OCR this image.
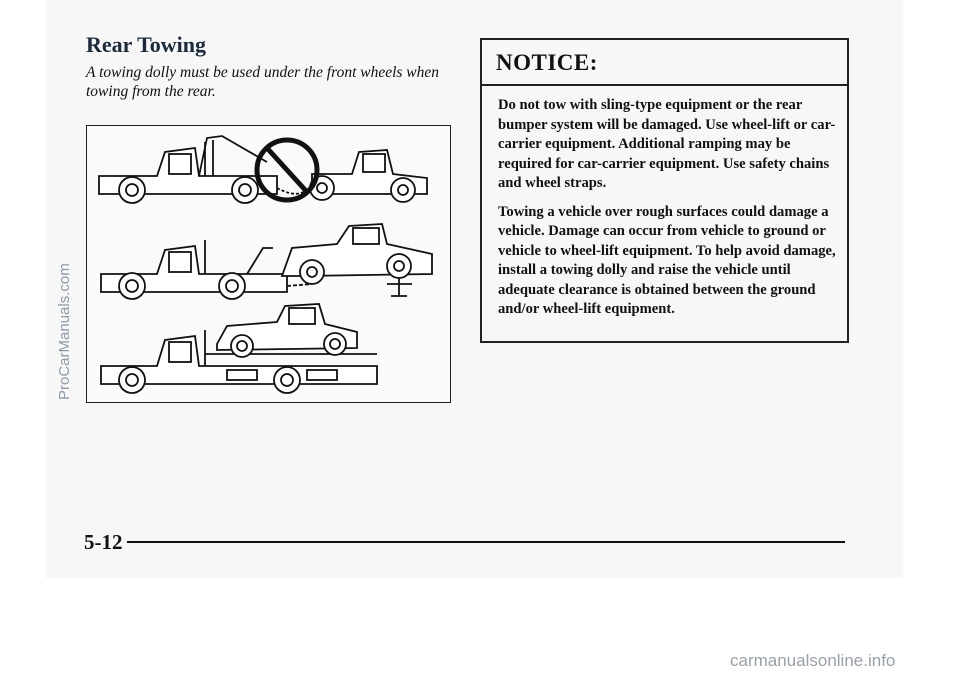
Rear Towing
A towing dolly must be used under the front wheels when towing from the rear.
NOTICE:

Do not tow with sling-type equipment or the rear bumper system will be damaged. Use wheel-lift or car-carrier equipment. Additional ramping may be required for car-carrier equipment. Use safety chains and wheel straps.

Towing a vehicle over rough surfaces could damage a vehicle. Damage can occur from vehicle to ground or vehicle to wheel-lift equipment. To help avoid damage, install a towing dolly and raise the vehicle until adequate clearance is obtained between the ground and/or wheel-lift equipment.

5-12
ProCarManuals.com
carmanualsonline.info
